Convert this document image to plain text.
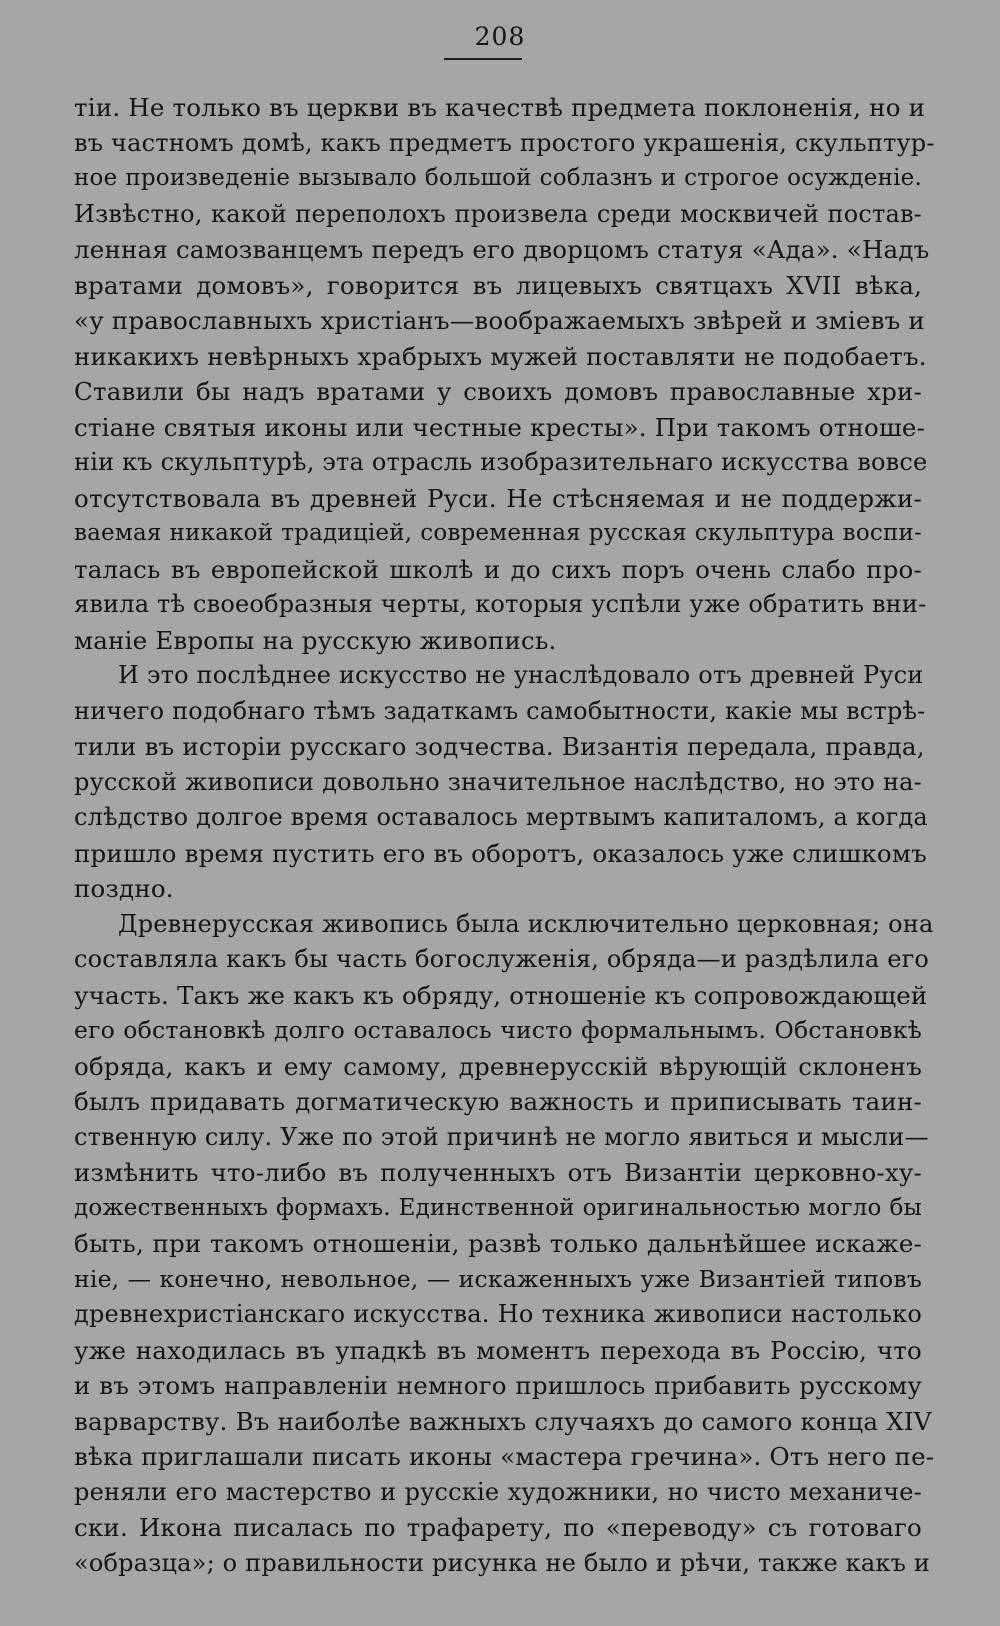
208
тiи. Не только въ церкви въ качествѣ предмета поклоненiя, но и
въ частномъ домѣ, какъ предметъ простого украшенiя, скульптур-
ное произведенiе вызывало большой соблазнъ и строгое осужденiе.
Извѣстно, какой переполохъ произвела среди москвичей постав-
ленная самозванцемъ передъ его дворцомъ статуя «Ада». «Надъ
вратами домовъ», говорится въ лицевыхъ святцахъ XVII вѣка,
«у православныхъ христiанъ—воображаемыхъ звѣрей и змiевъ и
никакихъ невѣрныхъ храбрыхъ мужей поставляти не подобаетъ.
Ставили бы надъ вратами у своихъ домовъ православные хри-
стiане святыя иконы или честные кресты». При такомъ отноше-
нiи къ скульптурѣ, эта отрасль изобразительнаго искусства вовсе
отсутствовала въ древней Руси. Не стѣсняемая и не поддержи-
ваемая никакой традицiей, современная русская скульптура воспи-
талась въ европейской школѣ и до сихъ поръ очень слабо про-
явила тѣ своеобразныя черты, которыя успѣли уже обратить вни-
манiе Европы на русскую живопись.
И это послѣднее искусство не унаслѣдовало отъ древней Руси
ничего подобнаго тѣмъ задаткамъ самобытности, какiе мы встрѣ-
тили въ исторiи русскаго зодчества. Византiя передала, правда,
русской живописи довольно значительное наслѣдство, но это на-
слѣдство долгое время оставалось мертвымъ капиталомъ, а когда
пришло время пустить его въ оборотъ, оказалось уже слишкомъ
поздно.
Древнерусская живопись была исключительно церковная; она
составляла какъ бы часть богослуженiя, обряда—и раздѣлила его
участь. Такъ же какъ къ обряду, отношенiе къ сопровождающей
его обстановкѣ долго оставалось чисто формальнымъ. Обстановкѣ
обряда, какъ и ему самому, древнерусскiй вѣрующiй склоненъ
былъ придавать догматическую важность и приписывать таин-
ственную силу. Уже по этой причинѣ не могло явиться и мысли—
измѣнить что-либо въ полученныхъ отъ Византiи церковно-ху-
дожественныхъ формахъ. Единственной оригинальностью могло бы
быть, при такомъ отношенiи, развѣ только дальнѣйшее искаже-
нiе, — конечно, невольное, — искаженныхъ уже Византiей типовъ
древнехристiанскаго искусства. Но техника живописи настолько
уже находилась въ упадкѣ въ моментъ перехода въ Россiю, что
и въ этомъ направленiи немного пришлось прибавить русскому
варварству. Въ наиболѣе важныхъ случаяхъ до самого конца XIV
вѣка приглашали писать иконы «мастера гречина». Отъ него пе-
реняли его мастерство и русскiе художники, но чисто механиче-
ски. Икона писалась по трафарету, по «переводу» съ готоваго
«образца»; о правильности рисунка не было и рѣчи, также какъ и
